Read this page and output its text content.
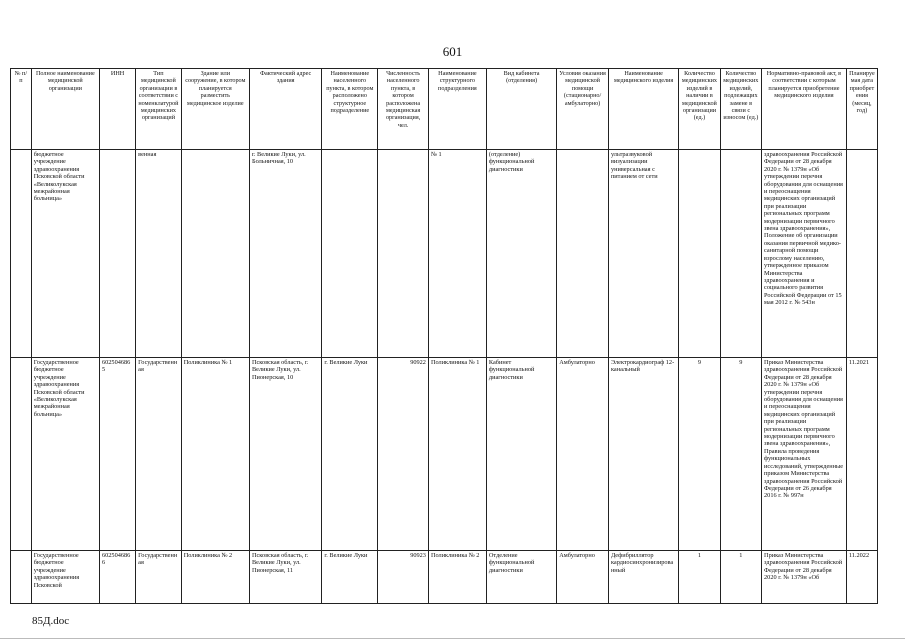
601
№ п/п	Полное наименование медицинской организации	ИНН	Тип медицинской организации в соответствии с номенклатурой медицинских организаций	Здание или сооружение, в котором планируется разместить медицинское изделие	Фактический адрес здания	Наименование населенного пункта, в котором расположено структурное подразделение	Численность населенного пункта, в котором расположена медицинская организация, чел.	Наименование структурного подразделения	Вид кабинета (отделения)	Условия оказания медицинской помощи (стационарно/ амбулаторно)	Наименование медицинского изделия	Количество медицинских изделий в наличии в медицинской организации (ед.)	Количество медицинских изделий, подлежащих замене в связи с износом (ед.)	Нормативно-правовой акт, в соответствии с которым планируется приобретение медицинского изделия	Планируемая дата приобретения (месяц, год)
	бюджетное учреждение здравоохранения Псковской области «Великолукская межрайонная больница»		венная		г. Великие Луки, ул. Больничная, 10			№ 1	(отделение) функциональной диагностики		ультразвуковой визуализации универсальная с питанием от сети			здравоохранения Российской Федерации от 28 декабря 2020 г. № 1379н «Об утверждении перечня оборудования для оснащения и переоснащения медицинских организаций при реализации региональных программ модернизации первичного звена здравоохранения», Положение об организации оказания первичной медико-санитарной помощи взрослому населению, утвержденное приказом Министерства здравоохранения и социального развития Российской Федерации от 15 мая 2012 г. № 543н	
	Государственное бюджетное учреждение здравоохранения Псковской области «Великолукская межрайонная больница»	6025046865	Государственная	Поликлиника № 1	Псковская область, г. Великие Луки, ул. Пионерская, 10	г. Великие Луки	90922	Поликлиника № 1	Кабинет функциональной диагностики	Амбулаторно	Электрокардиограф 12-канальный	9	9	Приказ Министерства здравоохранения Российской Федерации от 28 декабря 2020 г. № 1379н «Об утверждении перечня оборудования для оснащения и переоснащения медицинских организаций при реализации региональных программ модернизации первичного звена здравоохранения», Правила проведения функциональных исследований, утвержденные приказом Министерства здравоохранения Российской Федерации от 26 декабря 2016 г. № 997н	11.2021
	Государственное бюджетное учреждение здравоохранения Псковской	6025046866	Государственная	Поликлиника № 2	Псковская область, г. Великие Луки, ул. Пионерская, 11	г. Великие Луки	90923	Поликлиника № 2	Отделение функциональной диагностики	Амбулаторно	Дефибриллятор кардиосинхронизированный	1	1	Приказ Министерства здравоохранения Российской Федерации от 28 декабря 2020 г. № 1379н «Об	11.2022
85Д.doc
